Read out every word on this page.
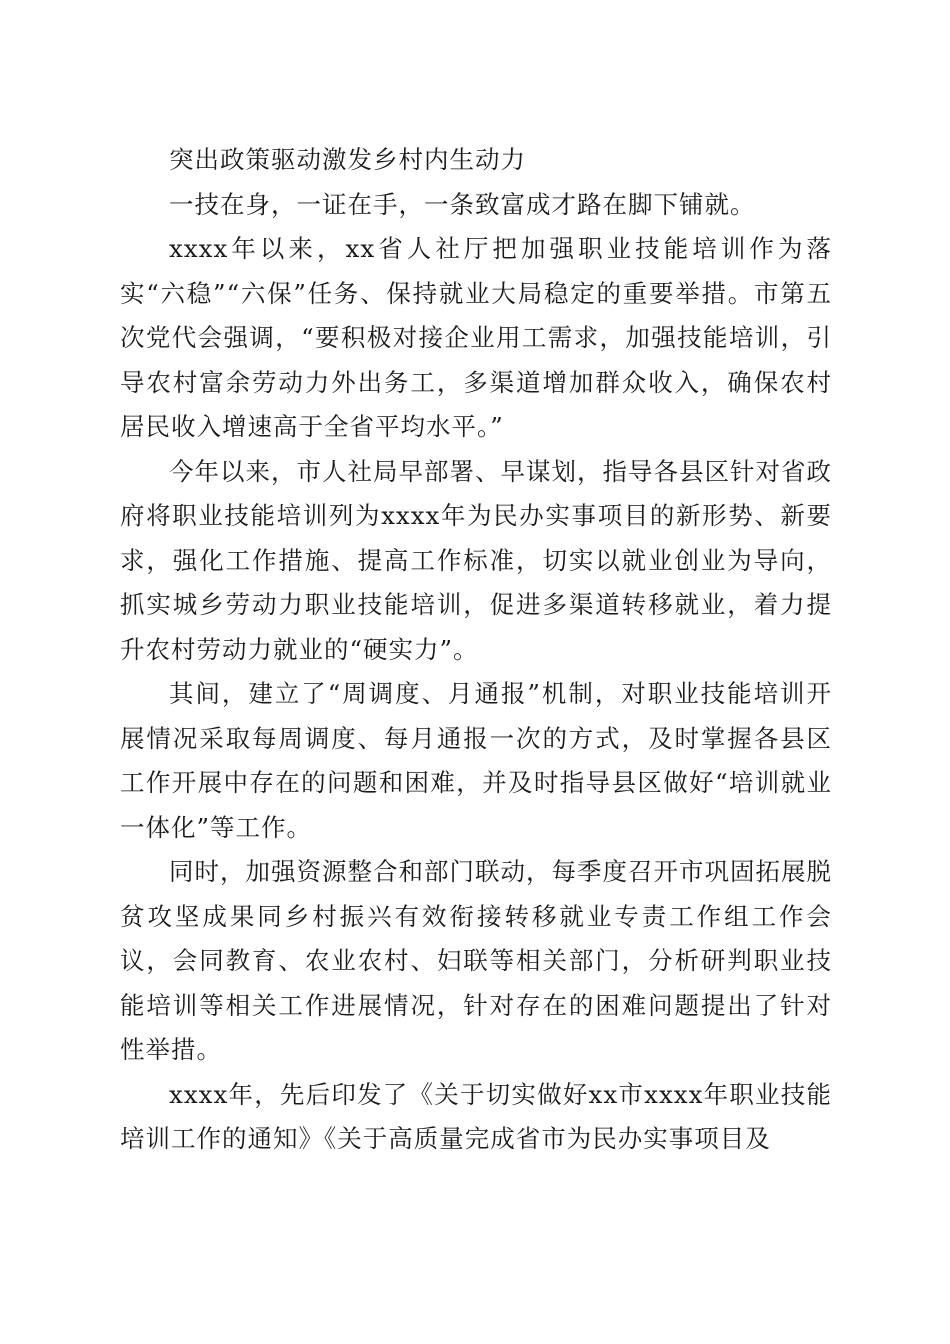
突出政策驱动激发乡村内生动力

一技在身，一证在手，一条致富成才路在脚下铺就。

xxxx年以来，xx省人社厅把加强职业技能培训作为落实“六稳”“六保”任务、保持就业大局稳定的重要举措。市第五次党代会强调，“要积极对接企业用工需求，加强技能培训，引导农村富余劳动力外出务工，多渠道增加群众收入，确保农村居民收入增速高于全省平均水平。”

今年以来，市人社局早部署、早谋划，指导各县区针对省政府将职业技能培训列为xxxx年为民办实事项目的新形势、新要求，强化工作措施、提高工作标准，切实以就业创业为导向，抓实城乡劳动力职业技能培训，促进多渠道转移就业，着力提升农村劳动力就业的“硬实力”。

其间，建立了“周调度、月通报”机制，对职业技能培训开展情况采取每周调度、每月通报一次的方式，及时掌握各县区工作开展中存在的问题和困难，并及时指导县区做好“培训就业一体化”等工作。

同时，加强资源整合和部门联动，每季度召开市巩固拓展脱贫攻坚成果同乡村振兴有效衔接转移就业专责工作组工作会议，会同教育、农业农村、妇联等相关部门，分析研判职业技能培训等相关工作进展情况，针对存在的困难问题提出了针对性举措。

xxxx年，先后印发了《关于切实做好xx市xxxx年职业技能培训工作的通知》《关于高质量完成省市为民办实事项目及
